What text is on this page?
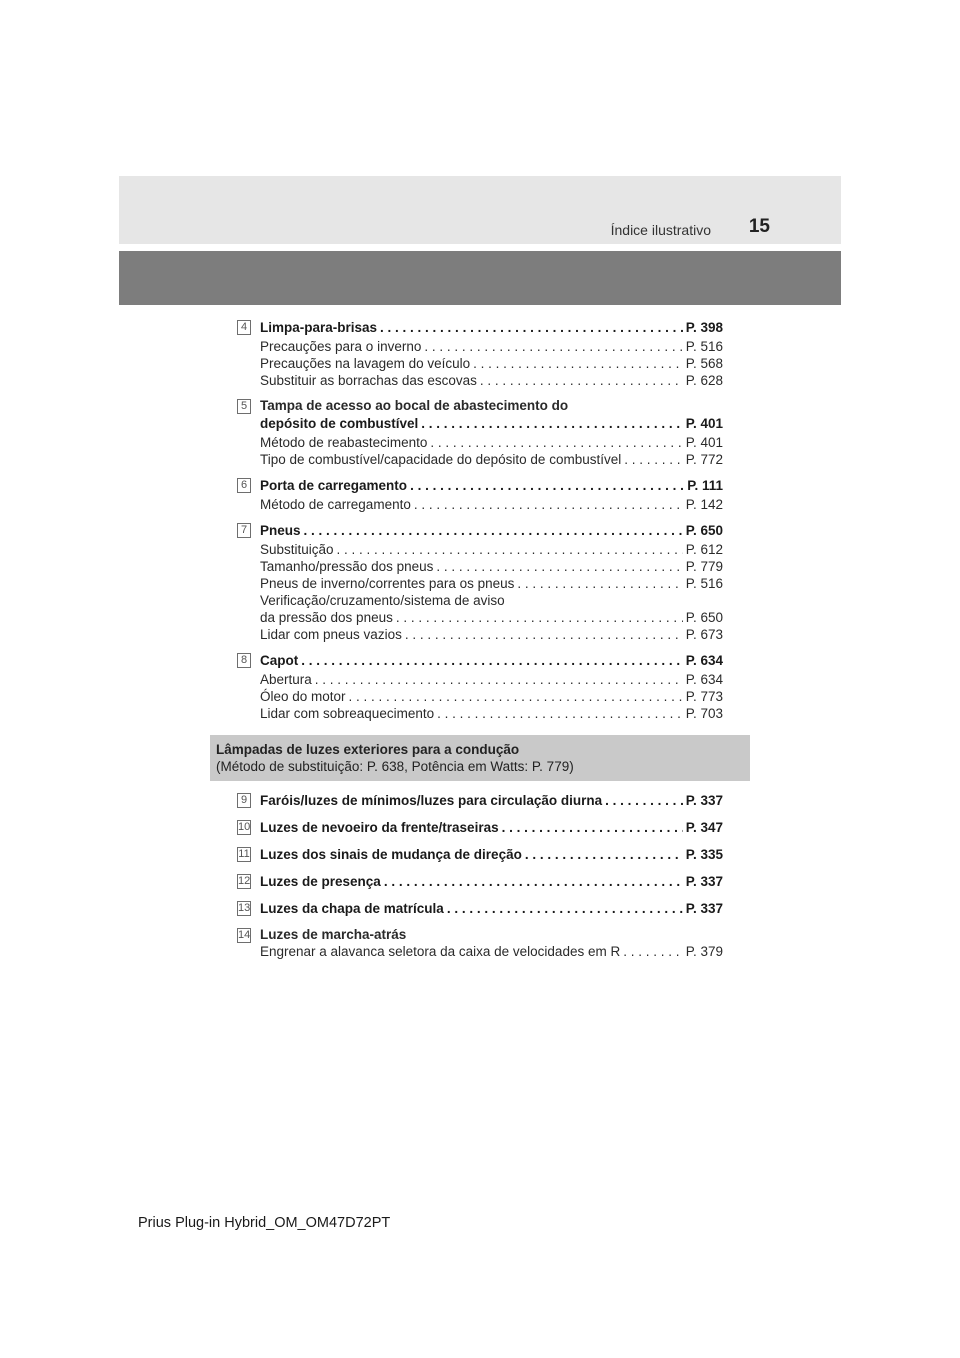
Índice ilustrativo 15
4 Limpa-para-brisas . . .	P. 398
Precauções para o inverno . . .	P. 516
Precauções na lavagem do veículo . . .	P. 568
Substituir as borrachas das escovas . . .	P. 628
5 Tampa de acesso ao bocal de abastecimento do
depósito de combustível . . .	P. 401
Método de reabastecimento . . .	P. 401
Tipo de combustível/capacidade do depósito de combustível . . .	P. 772
6 Porta de carregamento . . .	P. 111
Método de carregamento . . .	P. 142
7 Pneus . . .	P. 650
Substituição . . .	P. 612
Tamanho/pressão dos pneus . . .	P. 779
Pneus de inverno/correntes para os pneus . . .	P. 516
Verificação/cruzamento/sistema de aviso
da pressão dos pneus . . .	P. 650
Lidar com pneus vazios . . .	P. 673
8 Capot . . .	P. 634
Abertura . . .	P. 634
Óleo do motor . . .	P. 773
Lidar com sobreaquecimento . . .	P. 703
Lâmpadas de luzes exteriores para a condução
(Método de substituição: P. 638, Potência em Watts: P. 779)
9 Faróis/luzes de mínimos/luzes para circulação diurna . . .	P. 337
10 Luzes de nevoeiro da frente/traseiras . . .	P. 347
11 Luzes dos sinais de mudança de direção . . .	P. 335
12 Luzes de presença . . .	P. 337
13 Luzes da chapa de matrícula . . .	P. 337
14 Luzes de marcha-atrás
Engrenar a alavanca seletora da caixa de velocidades em R . . .	P. 379
Prius Plug-in Hybrid_OM_OM47D72PT
